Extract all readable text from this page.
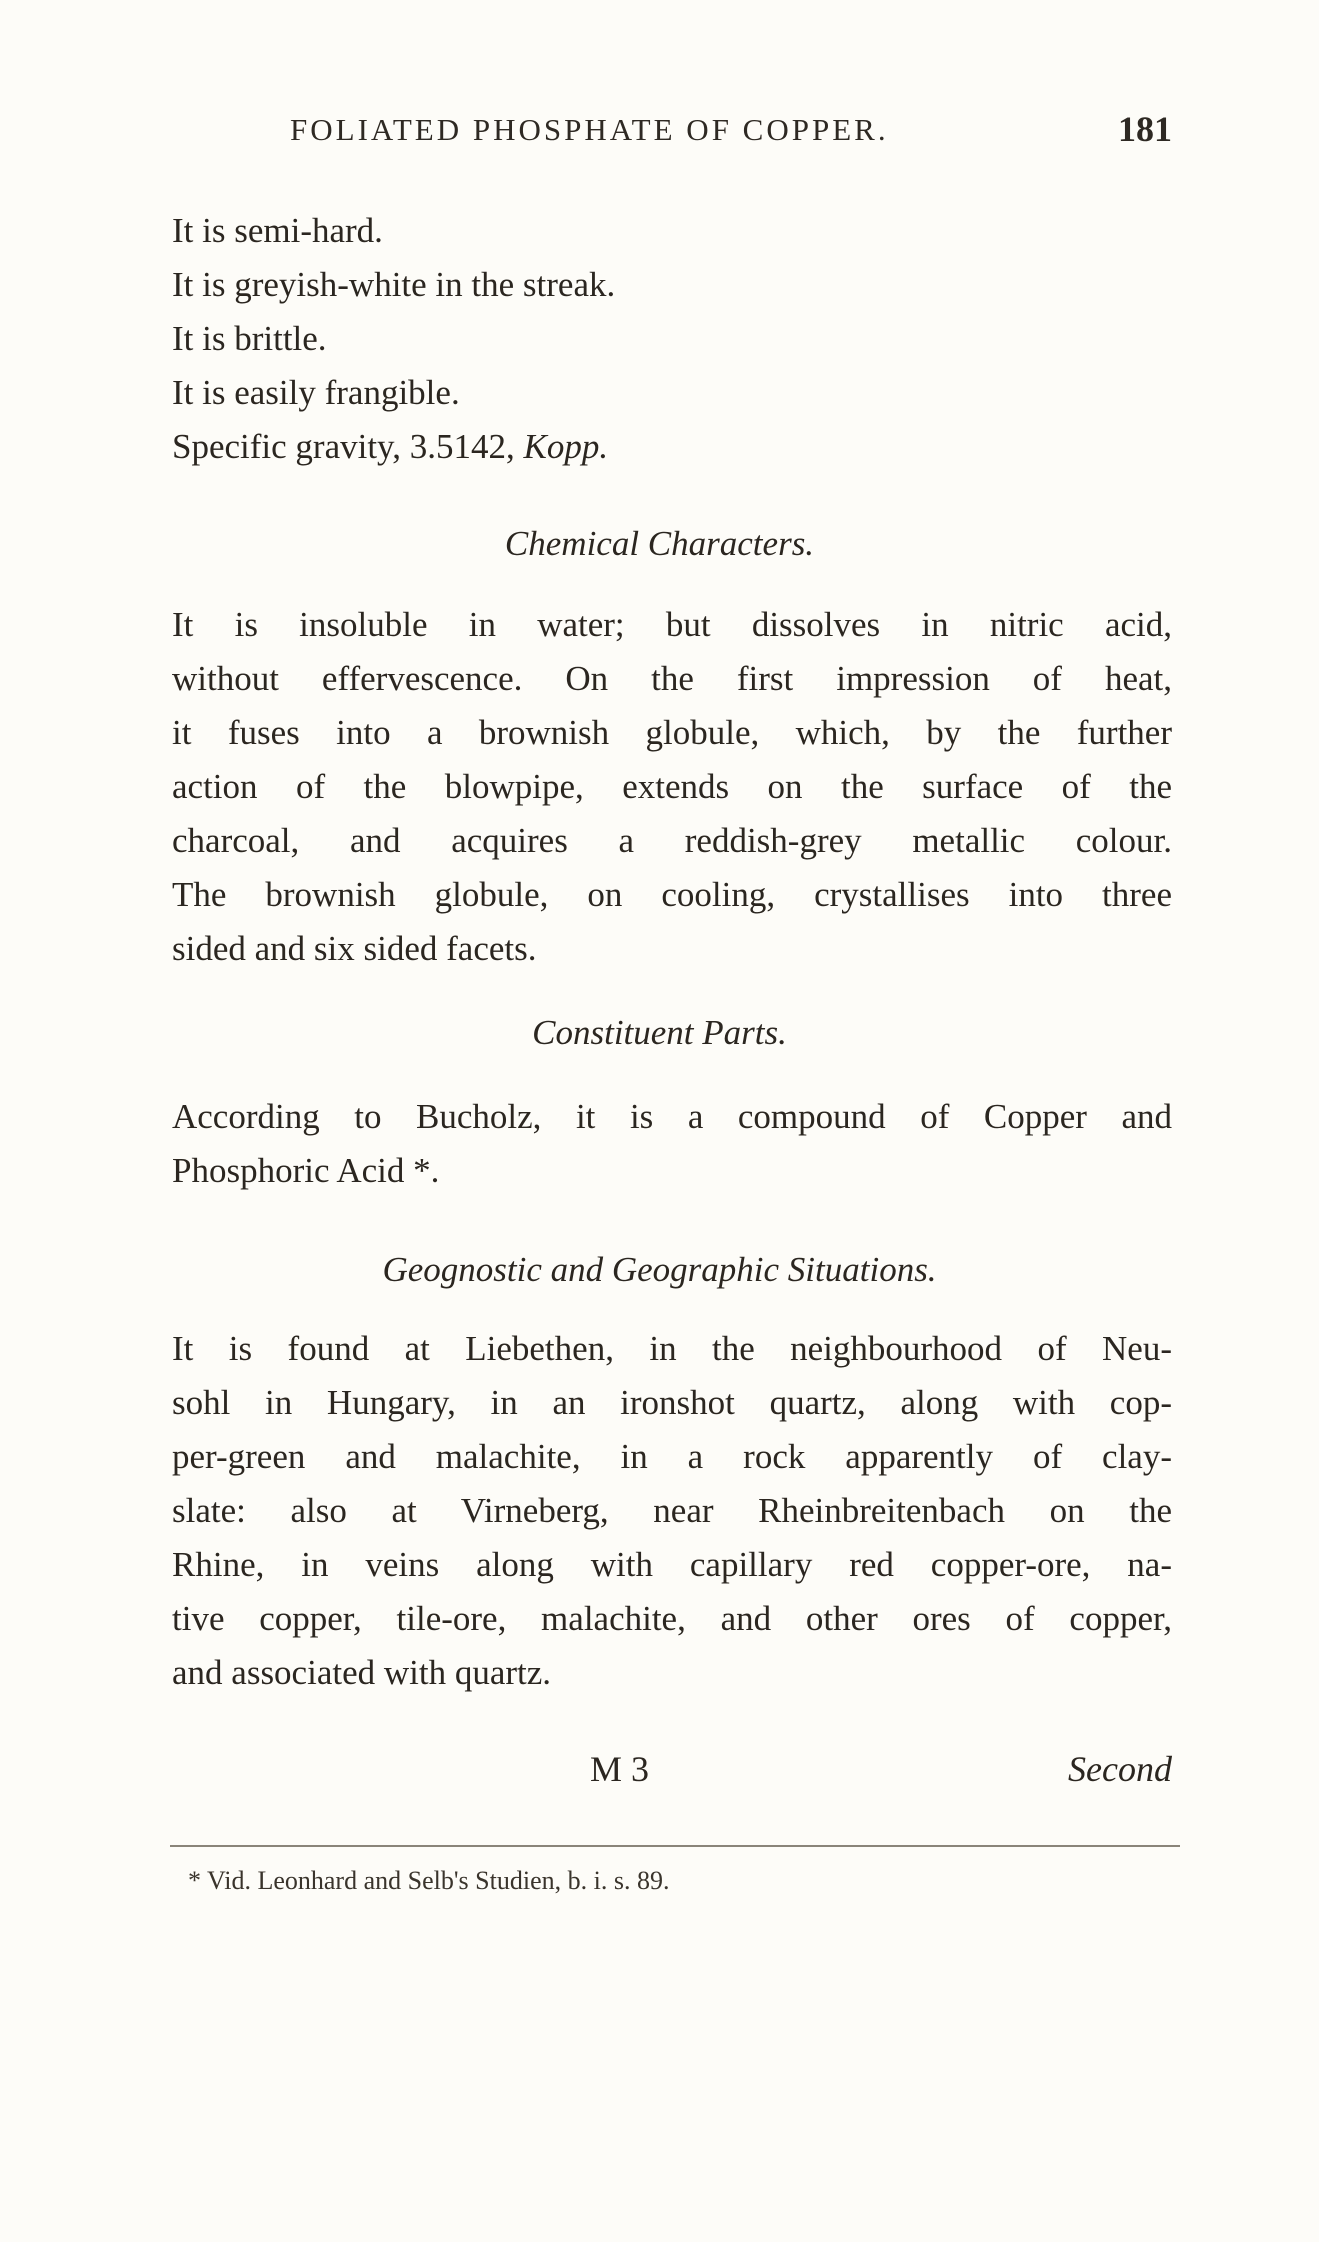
FOLIATED PHOSPHATE OF COPPER.	181
It is semi-hard.
It is greyish-white in the streak.
It is brittle.
It is easily frangible.
Specific gravity, 3.5142, Kopp.
Chemical Characters.
It is insoluble in water; but dissolves in nitric acid,
without effervescence. On the first impression of heat,
it fuses into a brownish globule, which, by the further
action of the blowpipe, extends on the surface of the
charcoal, and acquires a reddish-grey metallic colour.
The brownish globule, on cooling, crystallises into three
sided and six sided facets.
Constituent Parts.
According to Bucholz, it is a compound of Copper and
Phosphoric Acid *.
Geognostic and Geographic Situations.
It is found at Liebethen, in the neighbourhood of Neu-
sohl in Hungary, in an ironshot quartz, along with cop-
per-green and malachite, in a rock apparently of clay-
slate: also at Virneberg, near Rheinbreitenbach on the
Rhine, in veins along with capillary red copper-ore, na-
tive copper, tile-ore, malachite, and other ores of copper,
and associated with quartz.
M 3	Second
* Vid. Leonhard and Selb's Studien, b. i. s. 89.
